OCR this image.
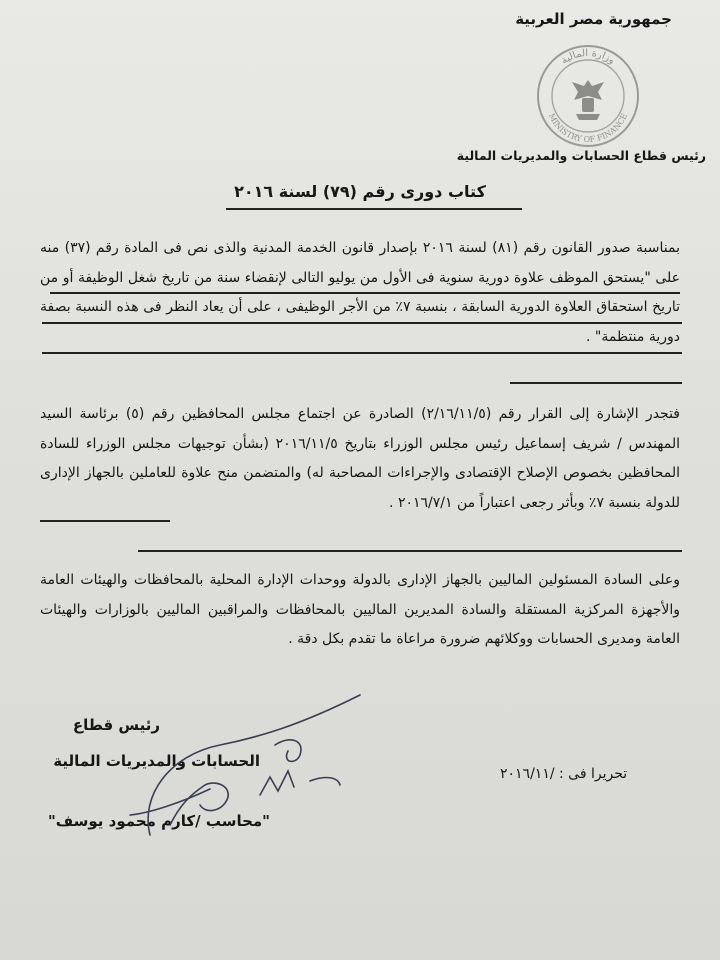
جمهورية مصر العربية
وزارة المالية
MINISTRY OF FINANCE
رئيس قطاع الحسابات والمديريات المالية
كتاب دورى رقم (٧٩) لسنة ٢٠١٦
بمناسبة صدور القانون رقم (٨١) لسنة ٢٠١٦ بإصدار قانون الخدمة المدنية والذى نص فى المادة رقم (٣٧) منه على "يستحق الموظف علاوة دورية سنوية فى الأول من يوليو التالى لإنقضاء سنة من تاريخ شغل الوظيفة أو من تاريخ استحقاق العلاوة الدورية السابقة ، بنسبة ٧٪ من الأجر الوظيفى ، على أن يعاد النظر فى هذه النسبة بصفة دورية منتظمة" .
فتجدر الإشارة إلى القرار رقم (٢/١٦/١١/٥) الصادرة عن اجتماع مجلس المحافظين رقم (٥) برئاسة السيد المهندس / شريف إسماعيل رئيس مجلس الوزراء بتاريخ ٢٠١٦/١١/٥ (بشأن توجيهات مجلس الوزراء للسادة المحافظين بخصوص الإصلاح الإقتصادى والإجراءات المصاحبة له) والمتضمن منح علاوة للعاملين بالجهاز الإدارى للدولة بنسبة ٧٪ وبأثر رجعى اعتباراً من ٢٠١٦/٧/١ .
وعلى السادة المسئولين الماليين بالجهاز الإدارى بالدولة ووحدات الإدارة المحلية بالمحافظات والهيئات العامة والأجهزة المركزية المستقلة والسادة المديرين الماليين بالمحافظات والمراقبين الماليين بالوزارات والهيئات العامة ومديرى الحسابات ووكلائهم ضرورة مراعاة ما تقدم بكل دقة .
رئيس قطاع
الحسابات والمديريات المالية
"محاسب /كارم محمود يوسف"
تحريرا فى : /٢٠١٦/١١
